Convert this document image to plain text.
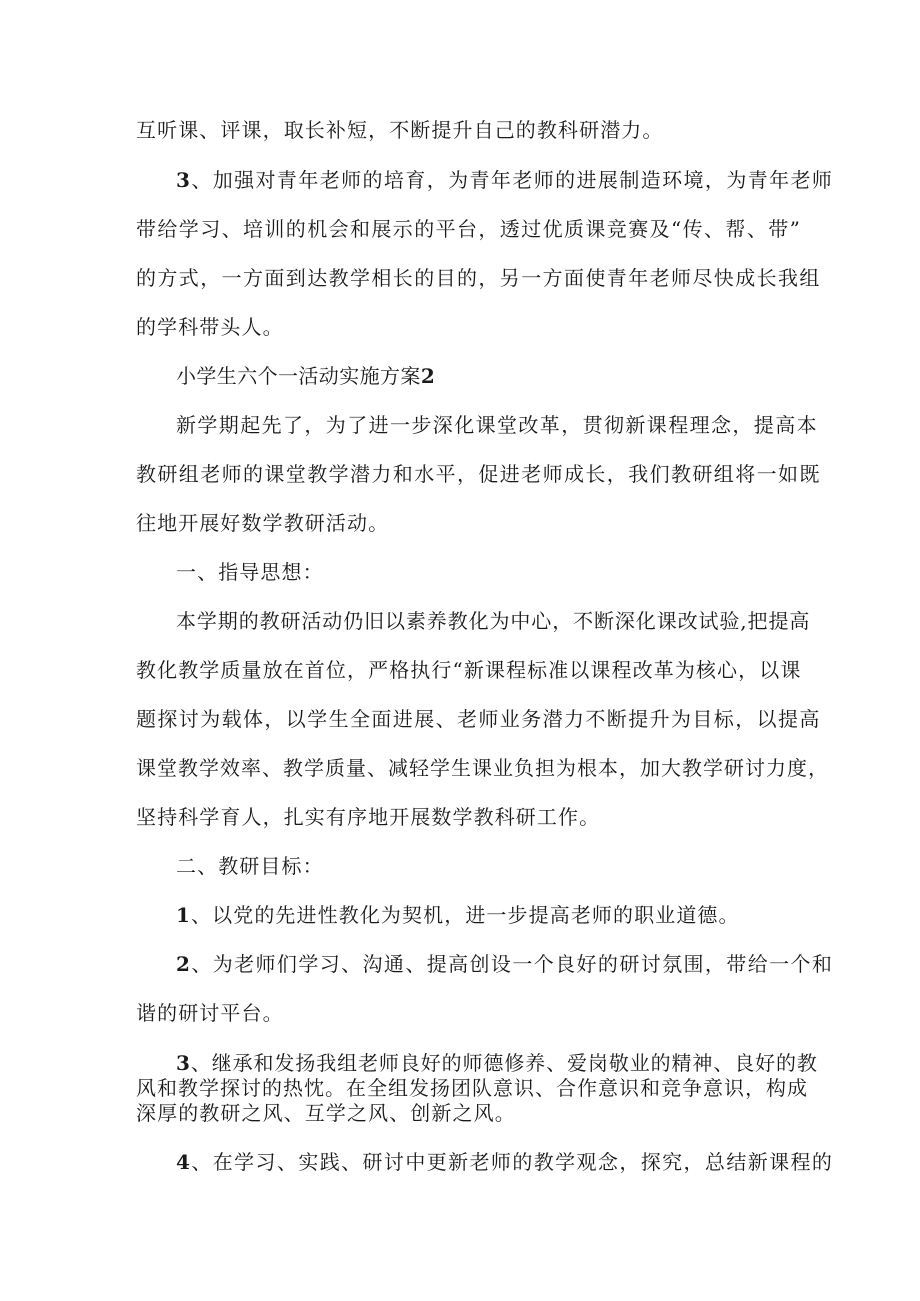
互听课、评课，取长补短，不断提升自己的教科研潜力。
3、加强对青年老师的培育，为青年老师的进展制造环境，为青年老师
带给学习、培训的机会和展示的平台，透过优质课竞赛及“传、帮、带”
的方式，一方面到达教学相长的目的，另一方面使青年老师尽快成长我组
的学科带头人。
小学生六个一活动实施方案2
新学期起先了，为了进一步深化课堂改革，贯彻新课程理念，提高本
教研组老师的课堂教学潜力和水平，促进老师成长，我们教研组将一如既
往地开展好数学教研活动。
一、指导思想：
本学期的教研活动仍旧以素养教化为中心，不断深化课改试验,把提高
教化教学质量放在首位，严格执行“新课程标准以课程改革为核心，以课
题探讨为载体，以学生全面进展、老师业务潜力不断提升为目标，以提高
课堂教学效率、教学质量、减轻学生课业负担为根本，加大教学研讨力度，
坚持科学育人，扎实有序地开展数学教科研工作。
二、教研目标：
1、以党的先进性教化为契机，进一步提高老师的职业道德。
2、为老师们学习、沟通、提高创设一个良好的研讨氛围，带给一个和
谐的研讨平台。
3、继承和发扬我组老师良好的师德修养、爱岗敬业的精神、良好的教
风和教学探讨的热忱。在全组发扬团队意识、合作意识和竞争意识，构成
深厚的教研之风、互学之风、创新之风。
4、在学习、实践、研讨中更新老师的教学观念，探究，总结新课程的
